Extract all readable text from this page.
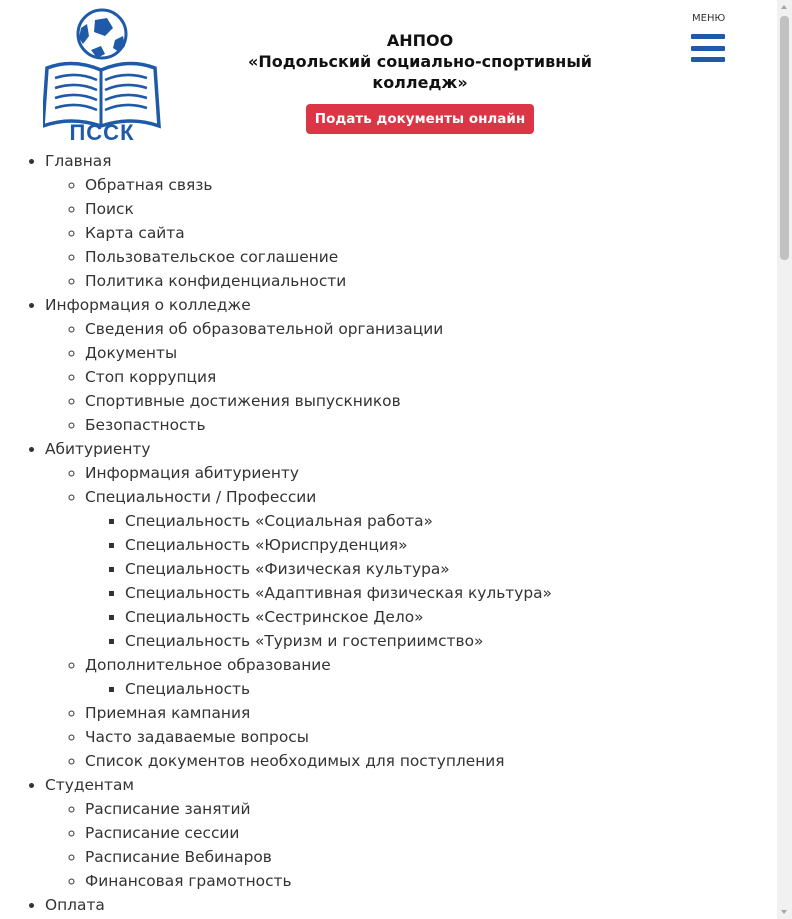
ПССК
АНПОО
«Подольский социально-спортивный колледж»
Подать документы онлайн
МЕНЮ
• Главная
◦ Обратная связь
◦ Поиск
◦ Карта сайта
◦ Пользовательское соглашение
◦ Политика конфиденциальности
• Информация о колледже
◦ Сведения об образовательной организации
◦ Документы
◦ Стоп коррупция
◦ Спортивные достижения выпускников
◦ Безопастность
• Абитуриенту
◦ Информация абитуриенту
◦ Специальности / Профессии
▪ Специальность «Социальная работа»
▪ Специальность «Юриспруденция»
▪ Специальность «Физическая культура»
▪ Специальность «Адаптивная физическая культура»
▪ Специальность «Сестринское Дело»
▪ Специальность «Туризм и гостеприимство»
◦ Дополнительное образование
▪ Специальность
◦ Приемная кампания
◦ Часто задаваемые вопросы
◦ Список документов необходимых для поступления
• Студентам
◦ Расписание занятий
◦ Расписание сессии
◦ Расписание Вебинаров
◦ Финансовая грамотность
• Оплата
